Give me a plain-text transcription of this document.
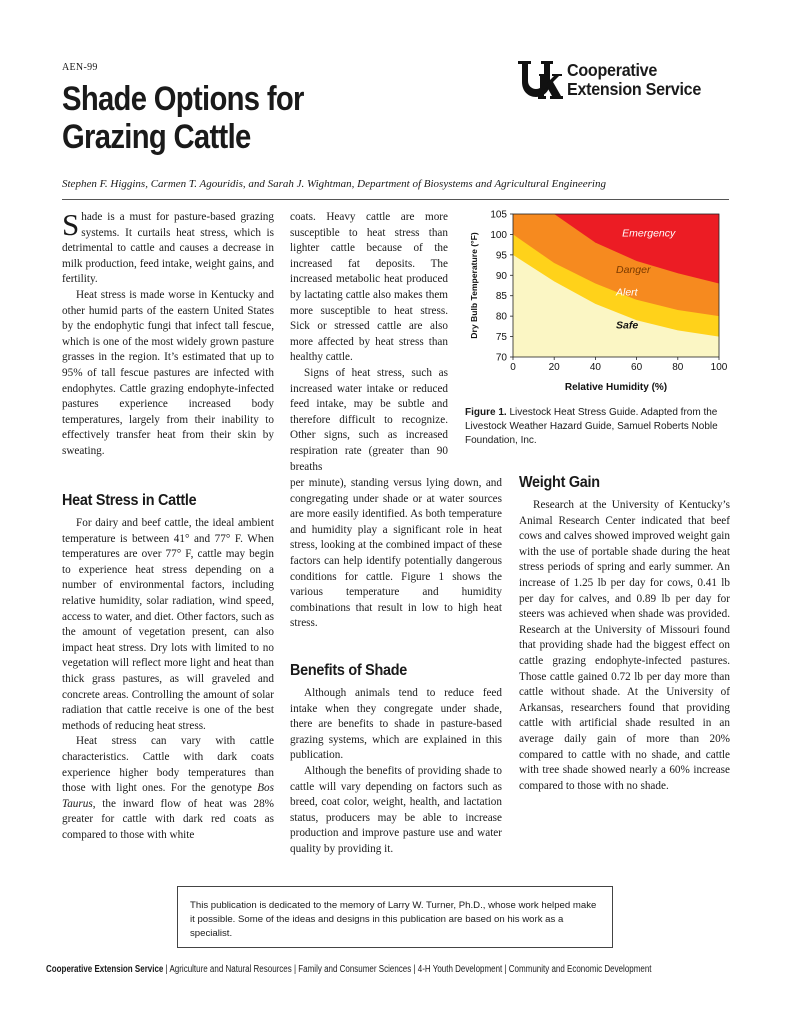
AEN-99
Shade Options for
Grazing Cattle
Cooperative
Extension Service
Stephen F. Higgins, Carmen T. Agouridis, and Sarah J. Wightman, Department of Biosystems and Agricultural Engineering

Shade is a must for pasture-based grazing systems. It curtails heat stress, which is detrimental to cattle and causes a decrease in milk production, feed intake, weight gains, and fertility.

Heat stress is made worse in Kentucky and other humid parts of the eastern United States by the endophytic fungi that infect tall fescue, which is one of the most widely grown pasture grasses in the region. It’s estimated that up to 95% of tall fescue pastures are infected with endophytes. Cattle grazing endophyte-infected pastures experience increased body temperatures, largely from their inability to effectively transfer heat from their skin by sweating.

Heat Stress in Cattle

For dairy and beef cattle, the ideal ambient temperature is between 41° and 77° F. When temperatures are over 77° F, cattle may begin to experience heat stress depending on a number of environmental factors, including relative humidity, solar radiation, wind speed, access to water, and diet. Other factors, such as the amount of vegetation present, can also impact heat stress. Dry lots with limited to no vegetation will reflect more light and heat than thick grass pastures, as will graveled and concrete areas. Controlling the amount of solar radiation that cattle receive is one of the best methods of reducing heat stress.

Heat stress can vary with cattle characteristics. Cattle with dark coats experience higher body temperatures than those with light ones. For the genotype Bos Taurus, the inward flow of heat was 28% greater for cattle with dark red coats as compared to those with white

coats. Heavy cattle are more susceptible to heat stress than lighter cattle because of the increased fat deposits. The increased metabolic heat produced by lactating cattle also makes them more susceptible to heat stress. Sick or stressed cattle are also more affected by heat stress than healthy cattle.

Signs of heat stress, such as increased water intake or reduced feed intake, may be subtle and therefore difficult to recognize. Other signs, such as increased respiration rate (greater than 90 breaths

per minute), standing versus lying down, and congregating under shade or at water sources are more easily identified. As both temperature and humidity play a significant role in heat stress, looking at the combined impact of these factors can help identify potentially dangerous conditions for cattle. Figure 1 shows the various temperature and humidity combinations that result in low to high heat stress.

Benefits of Shade

Although animals tend to reduce feed intake when they congregate under shade, there are benefits to shade in pasture-based grazing systems, which are explained in this publication.

Although the benefits of providing shade to cattle will vary depending on factors such as breed, coat color, weight, health, and lactation status, producers may be able to increase production and improve pasture use and water quality by providing it.

70
75
80
85
90
95
100
105
0	20	40	60	80	100
Relative Humidity (%)
Dry Bulb Temperature (°F)	Emergency
Danger
Alert
Safe
Figure 1. Livestock Heat Stress Guide. Adapted from the Livestock Weather Hazard Guide, Samuel Roberts Noble Foundation, Inc.
Weight Gain

Research at the University of Kentucky’s Animal Research Center indicated that beef cows and calves showed improved weight gain with the use of portable shade during the heat stress periods of spring and early summer. An increase of 1.25 lb per day for cows, 0.41 lb per day for calves, and 0.89 lb per day for steers was achieved when shade was provided. Research at the University of Missouri found that providing shade had the biggest effect on cattle grazing endophyte-infected pastures. Those cattle gained 0.72 lb per day more than cattle without shade. At the University of Arkansas, researchers found that providing cattle with artificial shade resulted in an average daily gain of more than 20% compared to cattle with no shade, and cattle with tree shade showed nearly a 60% increase compared to those with no shade.

This publication is dedicated to the memory of Larry W. Turner, Ph.D., whose work helped make it possible. Some of the ideas and designs in this publication are based on his work as a specialist.
Cooperative Extension Service | Agriculture and Natural Resources | Family and Consumer Sciences | 4-H Youth Development | Community and Economic Development
